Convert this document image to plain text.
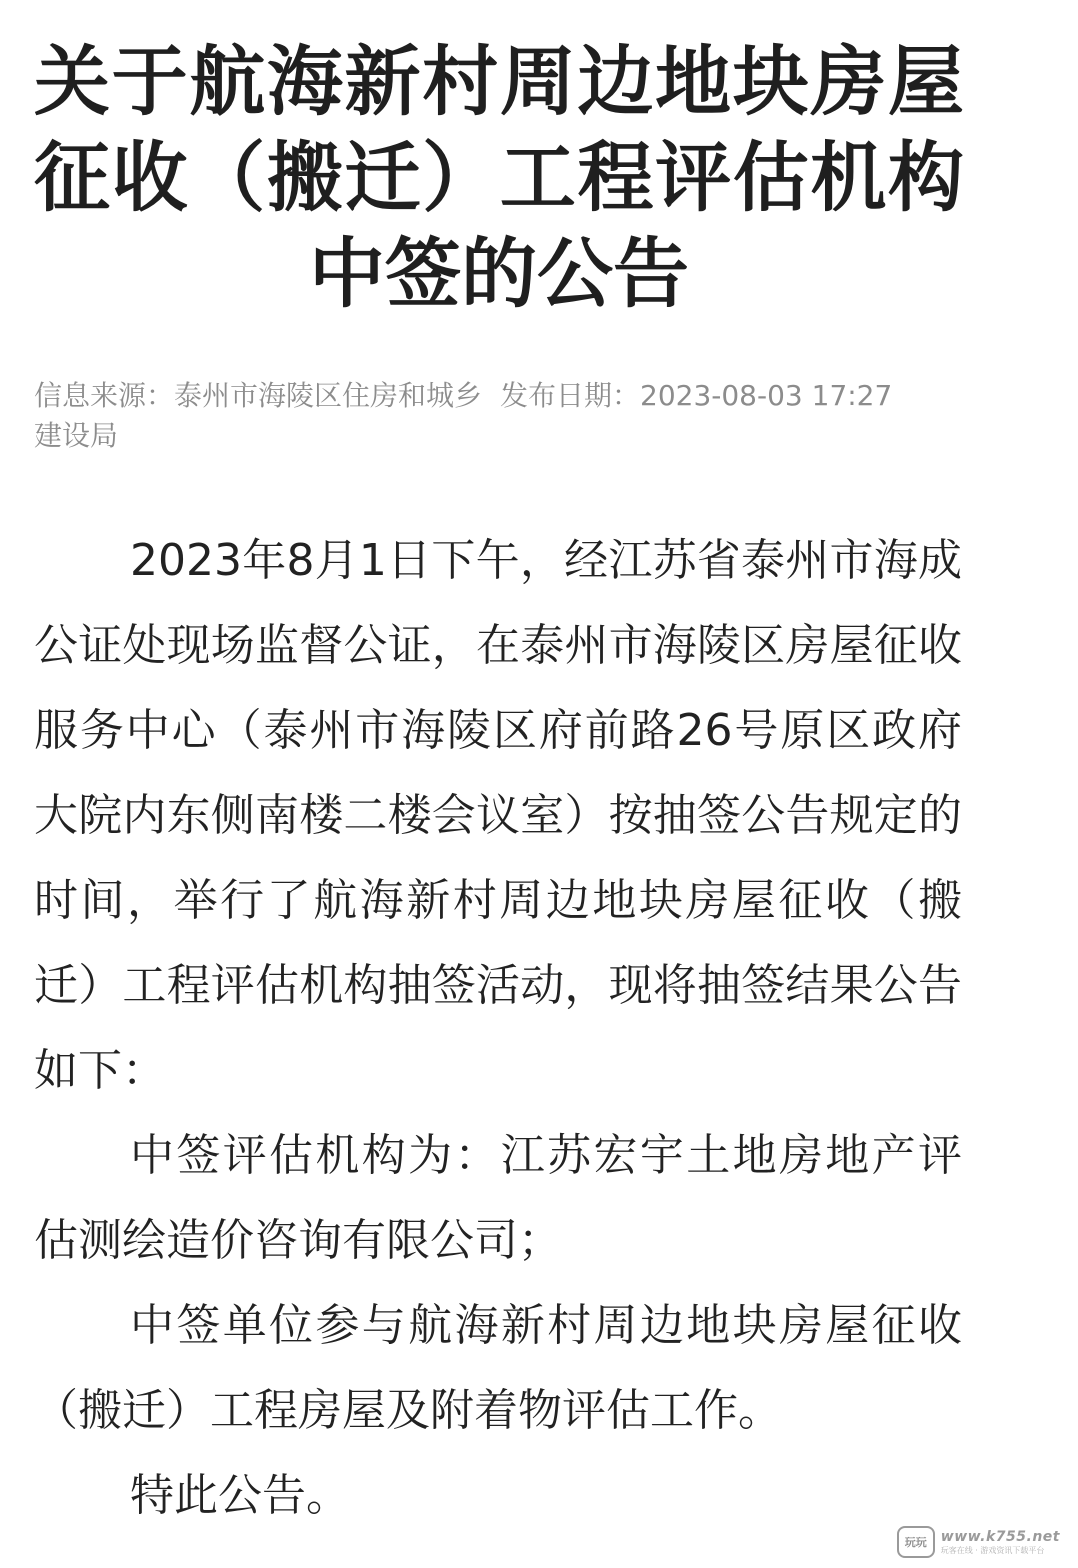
关于航海新村周边地块房屋征收（搬迁）工程评估机构中签的公告
信息来源：泰州市海陵区住房和城乡建设局
发布日期：2023-08-03 17:27

2023年8月1日下午，经江苏省泰州市海成公证处现场监督公证，在泰州市海陵区房屋征收服务中心（泰州市海陵区府前路26号原区政府大院内东侧南楼二楼会议室）按抽签公告规定的时间，举行了航海新村周边地块房屋征收（搬迁）工程评估机构抽签活动，现将抽签结果公告如下：

中签评估机构为：江苏宏宇土地房地产评估测绘造价咨询有限公司；

中签单位参与航海新村周边地块房屋征收（搬迁）工程房屋及附着物评估工作。

特此公告。

玩玩	www.k755.net
玩客在线 · 游戏资讯下载平台
